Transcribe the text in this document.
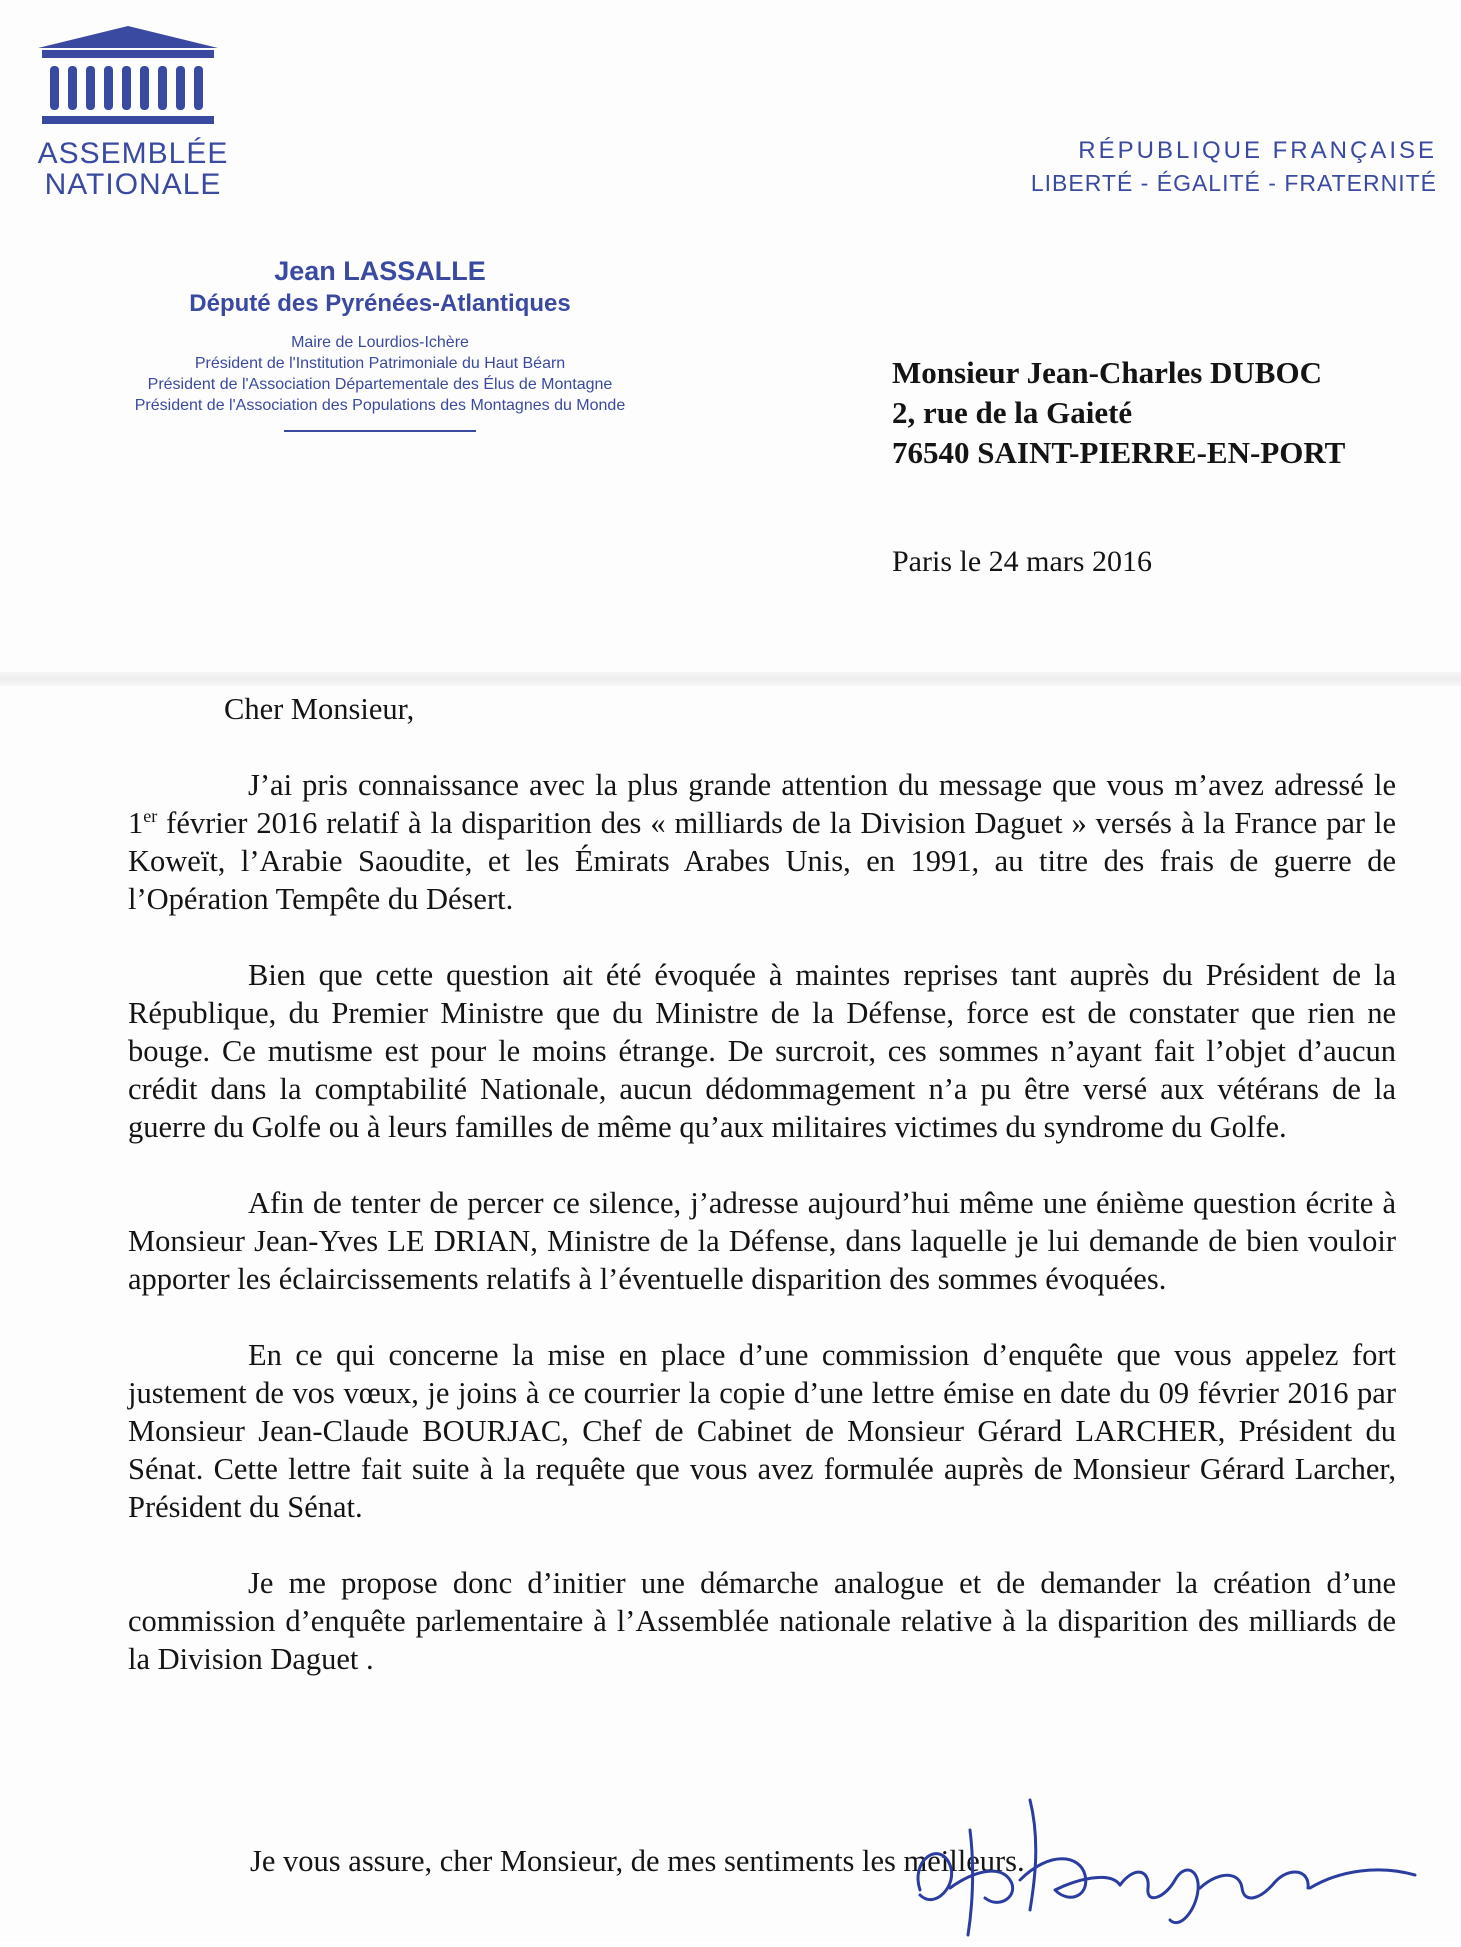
ASSEMBLÉE
NATIONALE
RÉPUBLIQUE FRANÇAISE
LIBERTÉ - ÉGALITÉ - FRATERNITÉ
Jean LASSALLE
Député des Pyrénées-Atlantiques
Maire de Lourdios-Ichère
Président de l'Institution Patrimoniale du Haut Béarn
Président de l'Association Départementale des Élus de Montagne
Président de l'Association des Populations des Montagnes du Monde
Monsieur Jean-Charles DUBOC
2, rue de la Gaieté
76540 SAINT-PIERRE-EN-PORT
Paris le 24 mars 2016
Cher Monsieur,

J’ai pris connaissance avec la plus grande attention du message que vous m’avez adressé le 1er février 2016 relatif à la disparition des « milliards de la Division Daguet » versés à la France par le Koweït, l’Arabie Saoudite, et les Émirats Arabes Unis, en 1991, au titre des frais de guerre de l’Opération Tempête du Désert.

Bien que cette question ait été évoquée à maintes reprises tant auprès du Président de la République, du Premier Ministre que du Ministre de la Défense, force est de constater que rien ne bouge. Ce mutisme est pour le moins étrange. De surcroit, ces sommes n’ayant fait l’objet d’aucun crédit dans la comptabilité Nationale, aucun dédommagement n’a pu être versé aux vétérans de la guerre du Golfe ou à leurs familles de même qu’aux militaires victimes du syndrome du Golfe.

Afin de tenter de percer ce silence, j’adresse aujourd’hui même une énième question écrite à Monsieur Jean-Yves LE DRIAN, Ministre de la Défense, dans laquelle je lui demande de bien vouloir apporter les éclaircissements relatifs à l’éventuelle disparition des sommes évoquées.

En ce qui concerne la mise en place d’une commission d’enquête que vous appelez fort justement de vos vœux, je joins à ce courrier la copie d’une lettre émise en date du 09 février 2016 par Monsieur Jean-Claude BOURJAC, Chef de Cabinet de Monsieur Gérard LARCHER, Président du Sénat. Cette lettre fait suite à la requête que vous avez formulée auprès de Monsieur Gérard Larcher, Président du Sénat.

Je me propose donc d’initier une démarche analogue et de demander la création d’une commission d’enquête parlementaire à l’Assemblée nationale relative à la disparition des milliards de la Division Daguet .

Je vous assure, cher Monsieur, de mes sentiments les meilleurs.
